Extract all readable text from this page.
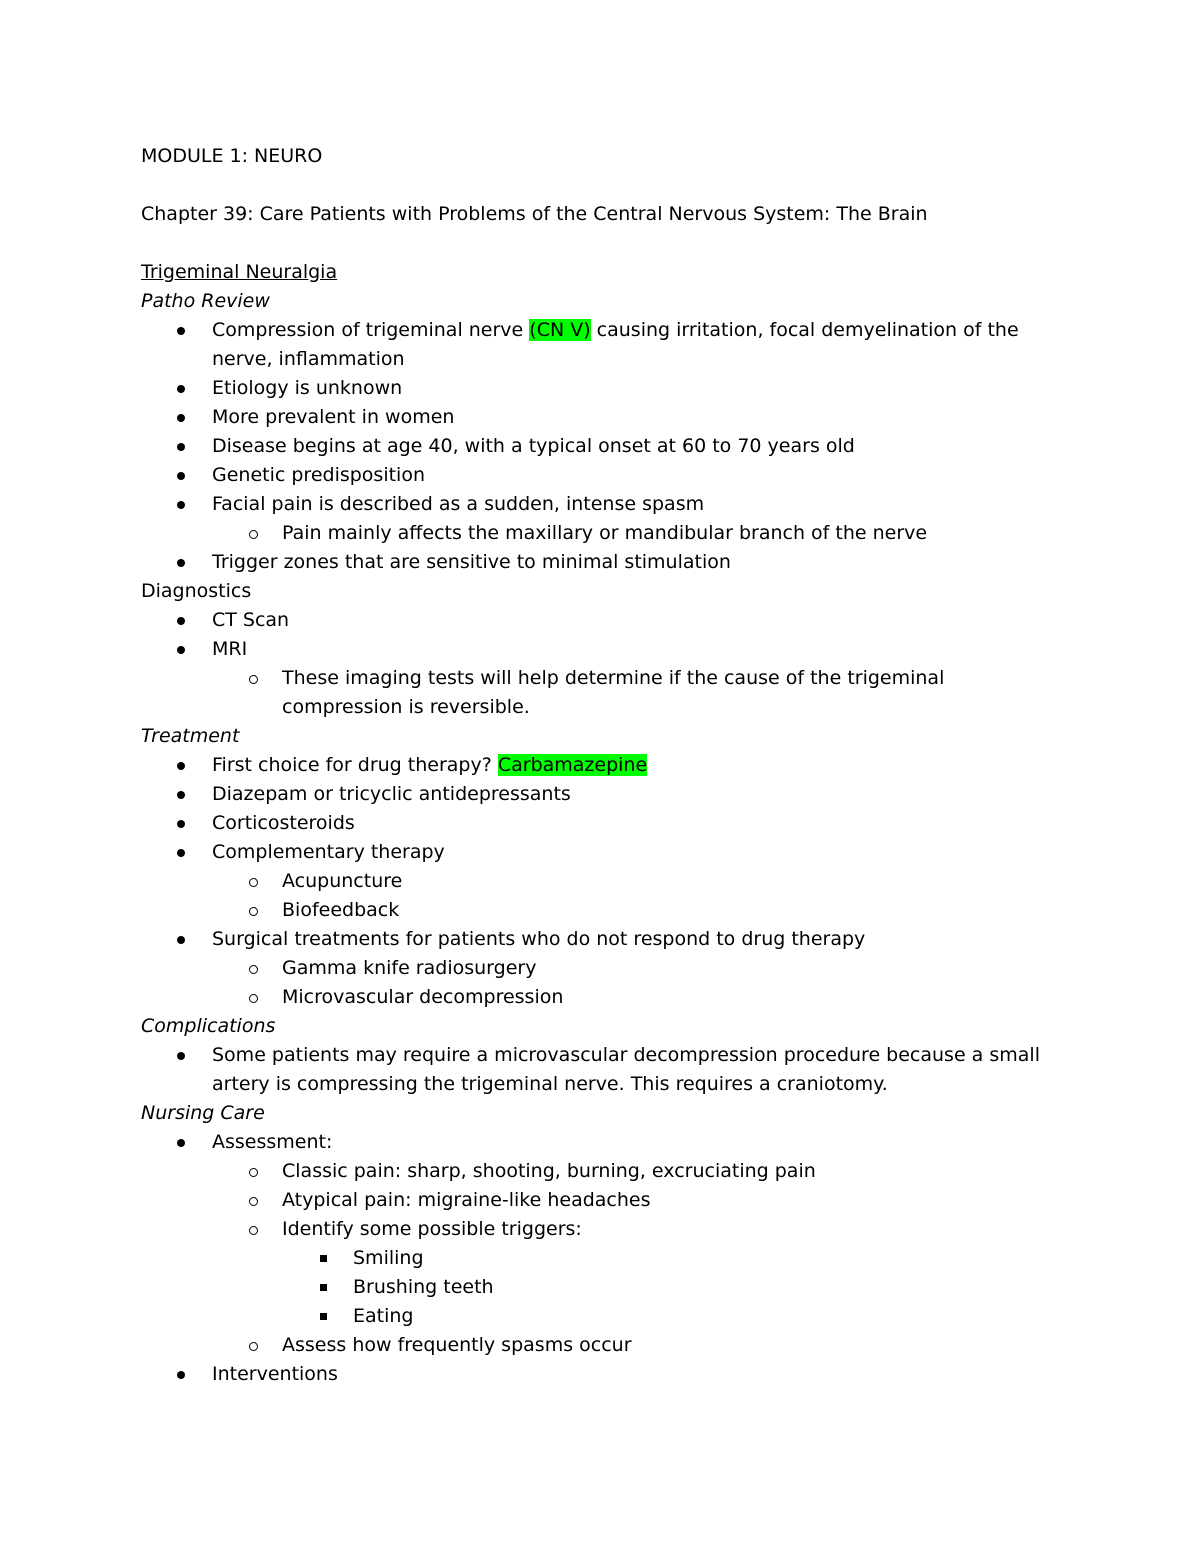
MODULE 1: NEURO
Chapter 39: Care Patients with Problems of the Central Nervous System: The Brain
Trigeminal Neuralgia
Patho Review
Compression of trigeminal nerve (CN V) causing irritation, focal demyelination of the
nerve, inflammation
Etiology is unknown
More prevalent in women
Disease begins at age 40, with a typical onset at 60 to 70 years old
Genetic predisposition
Facial pain is described as a sudden, intense spasm
Pain mainly affects the maxillary or mandibular branch of the nerve
Trigger zones that are sensitive to minimal stimulation
Diagnostics
CT Scan
MRI
These imaging tests will help determine if the cause of the trigeminal
compression is reversible.
Treatment
First choice for drug therapy? Carbamazepine
Diazepam or tricyclic antidepressants
Corticosteroids
Complementary therapy
Acupuncture
Biofeedback
Surgical treatments for patients who do not respond to drug therapy
Gamma knife radiosurgery
Microvascular decompression
Complications
Some patients may require a microvascular decompression procedure because a small
artery is compressing the trigeminal nerve. This requires a craniotomy.
Nursing Care
Assessment:
Classic pain: sharp, shooting, burning, excruciating pain
Atypical pain: migraine-like headaches
Identify some possible triggers:
Smiling
Brushing teeth
Eating
Assess how frequently spasms occur
Interventions
